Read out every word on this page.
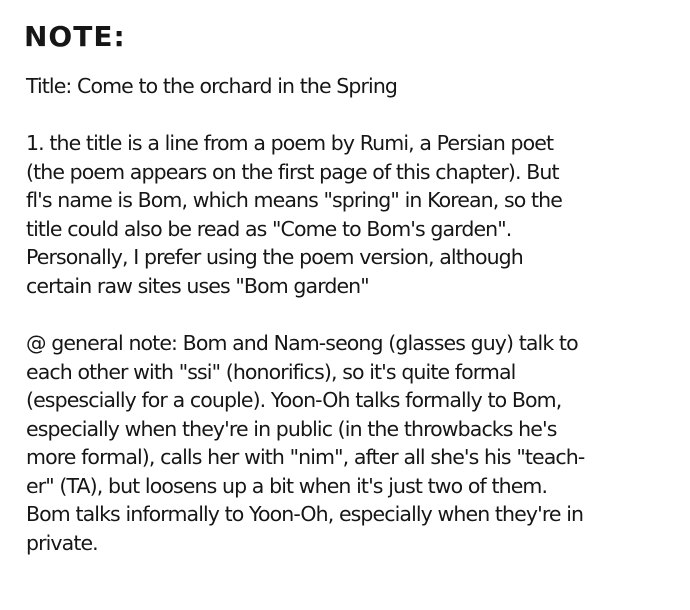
NOTE:
Title: Come to the orchard in the Spring

1. the title is a line from a poem by Rumi, a Persian poet
(the poem appears on the first page of this chapter). But
fl's name is Bom, which means "spring" in Korean, so the
title could also be read as "Come to Bom's garden".
Personally, I prefer using the poem version, although
certain raw sites uses "Bom garden"

@ general note: Bom and Nam-seong (glasses guy) talk to
each other with "ssi" (honorifics), so it's quite formal
(espescially for a couple). Yoon-Oh talks formally to Bom,
especially when they're in public (in the throwbacks he's
more formal), calls her with "nim", after all she's his "teach-
er" (TA), but loosens up a bit when it's just two of them.
Bom talks informally to Yoon-Oh, especially when they're in
private.
